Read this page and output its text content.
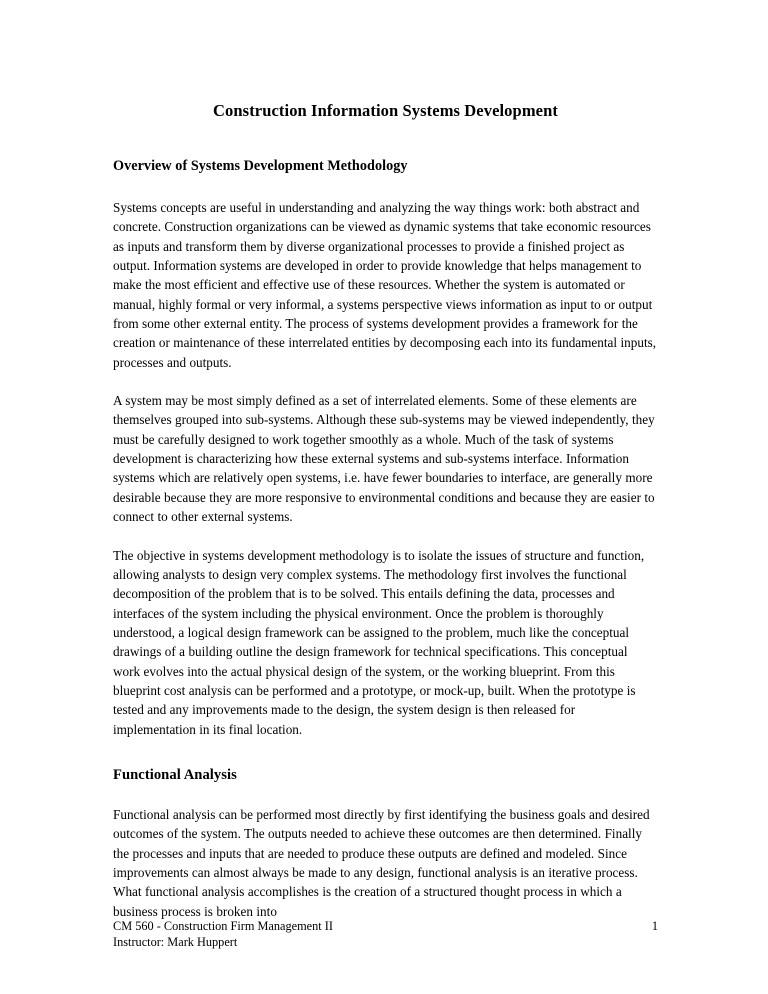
Construction Information Systems Development
Overview of Systems Development Methodology

Systems concepts are useful in understanding and analyzing the way things work: both abstract and concrete. Construction organizations can be viewed as dynamic systems that take economic resources as inputs and transform them by diverse organizational processes to provide a finished project as output. Information systems are developed in order to provide knowledge that helps management to make the most efficient and effective use of these resources. Whether the system is automated or manual, highly formal or very informal, a systems perspective views information as input to or output from some other external entity. The process of systems development provides a framework for the creation or maintenance of these interrelated entities by decomposing each into its fundamental inputs, processes and outputs.

A system may be most simply defined as a set of interrelated elements. Some of these elements are themselves grouped into sub-systems. Although these sub-systems may be viewed independently, they must be carefully designed to work together smoothly as a whole. Much of the task of systems development is characterizing how these external systems and sub-systems interface. Information systems which are relatively open systems, i.e. have fewer boundaries to interface, are generally more desirable because they are more responsive to environmental conditions and because they are easier to connect to other external systems.

The objective in systems development methodology is to isolate the issues of structure and function, allowing analysts to design very complex systems. The methodology first involves the functional decomposition of the problem that is to be solved. This entails defining the data, processes and interfaces of the system including the physical environment. Once the problem is thoroughly understood, a logical design framework can be assigned to the problem, much like the conceptual drawings of a building outline the design framework for technical specifications. This conceptual work evolves into the actual physical design of the system, or the working blueprint. From this blueprint cost analysis can be performed and a prototype, or mock-up, built. When the prototype is tested and any improvements made to the design, the system design is then released for implementation in its final location.

Functional Analysis

Functional analysis can be performed most directly by first identifying the business goals and desired outcomes of the system. The outputs needed to achieve these outcomes are then determined. Finally the processes and inputs that are needed to produce these outputs are defined and modeled. Since improvements can almost always be made to any design, functional analysis is an iterative process. What functional analysis accomplishes is the creation of a structured thought process in which a business process is broken into

CM 560 - Construction Firm Management II	1
Instructor: Mark Huppert
